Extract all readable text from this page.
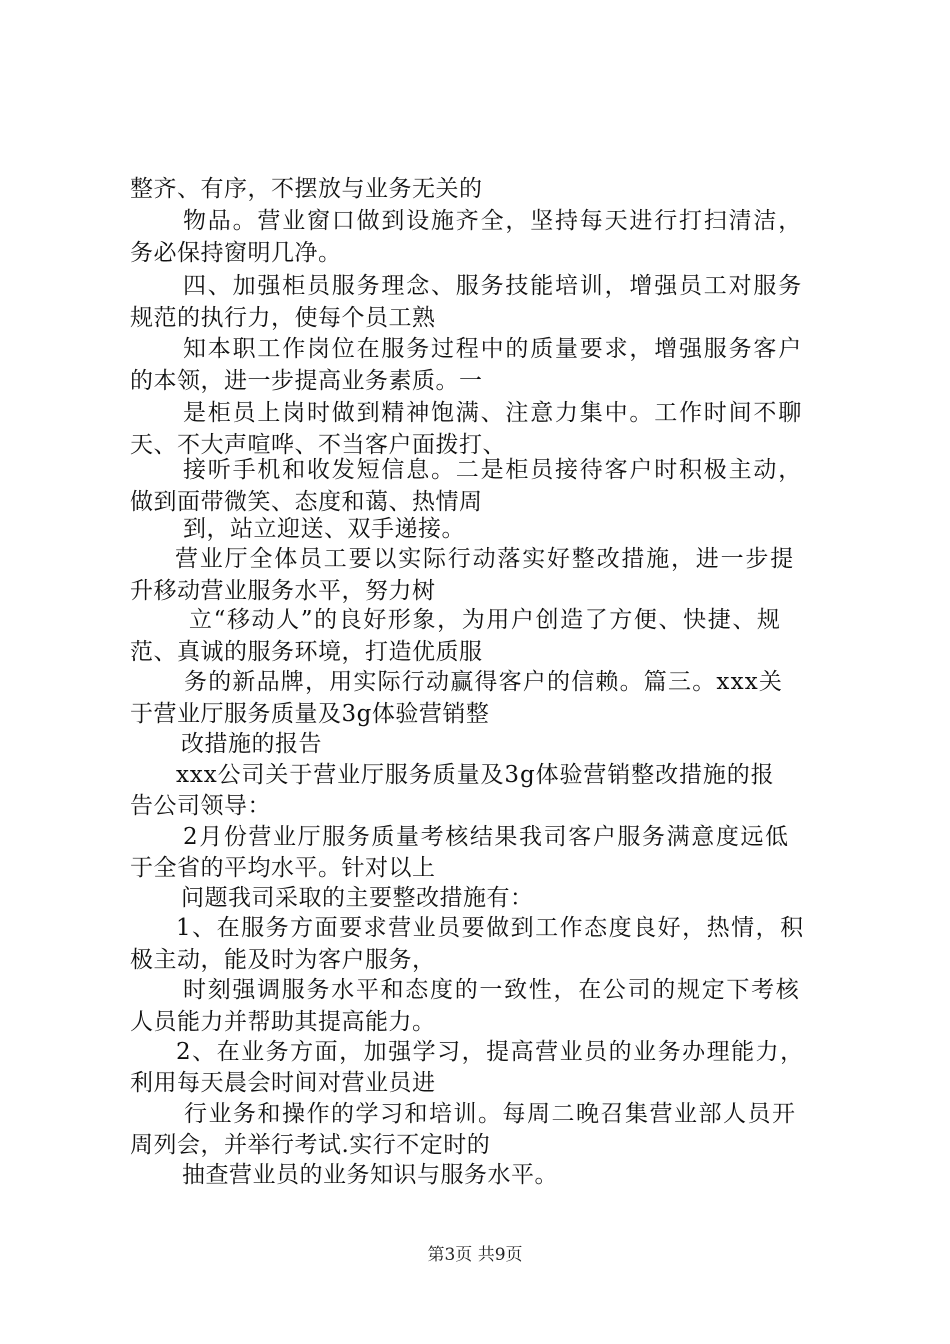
整齐、有序，不摆放与业务无关的
物品。营业窗口做到设施齐全，坚持每天进行打扫清洁，
务必保持窗明几净。
四、加强柜员服务理念、服务技能培训，增强员工对服务
规范的执行力，使每个员工熟
知本职工作岗位在服务过程中的质量要求，增强服务客户
的本领，进一步提高业务素质。一
是柜员上岗时做到精神饱满、注意力集中。工作时间不聊
天、不大声喧哗、不当客户面拨打、
接听手机和收发短信息。二是柜员接待客户时积极主动，
做到面带微笑、态度和蔼、热情周
到，站立迎送、双手递接。
营业厅全体员工要以实际行动落实好整改措施，进一步提
升移动营业服务水平，努力树
立“移动人”的良好形象，为用户创造了方便、快捷、规
范、真诚的服务环境，打造优质服
务的新品牌，用实际行动赢得客户的信赖。篇三。xxx关
于营业厅服务质量及3g体验营销整
改措施的报告
xxx公司关于营业厅服务质量及3g体验营销整改措施的报
告公司领导：
2月份营业厅服务质量考核结果我司客户服务满意度远低
于全省的平均水平。针对以上
问题我司采取的主要整改措施有：
1、在服务方面要求营业员要做到工作态度良好，热情，积
极主动，能及时为客户服务，
时刻强调服务水平和态度的一致性，在公司的规定下考核
人员能力并帮助其提高能力。
2、在业务方面，加强学习，提高营业员的业务办理能力，
利用每天晨会时间对营业员进
行业务和操作的学习和培训。每周二晚召集营业部人员开
周列会，并举行考试.实行不定时的
抽查营业员的业务知识与服务水平。
第3页 共9页
